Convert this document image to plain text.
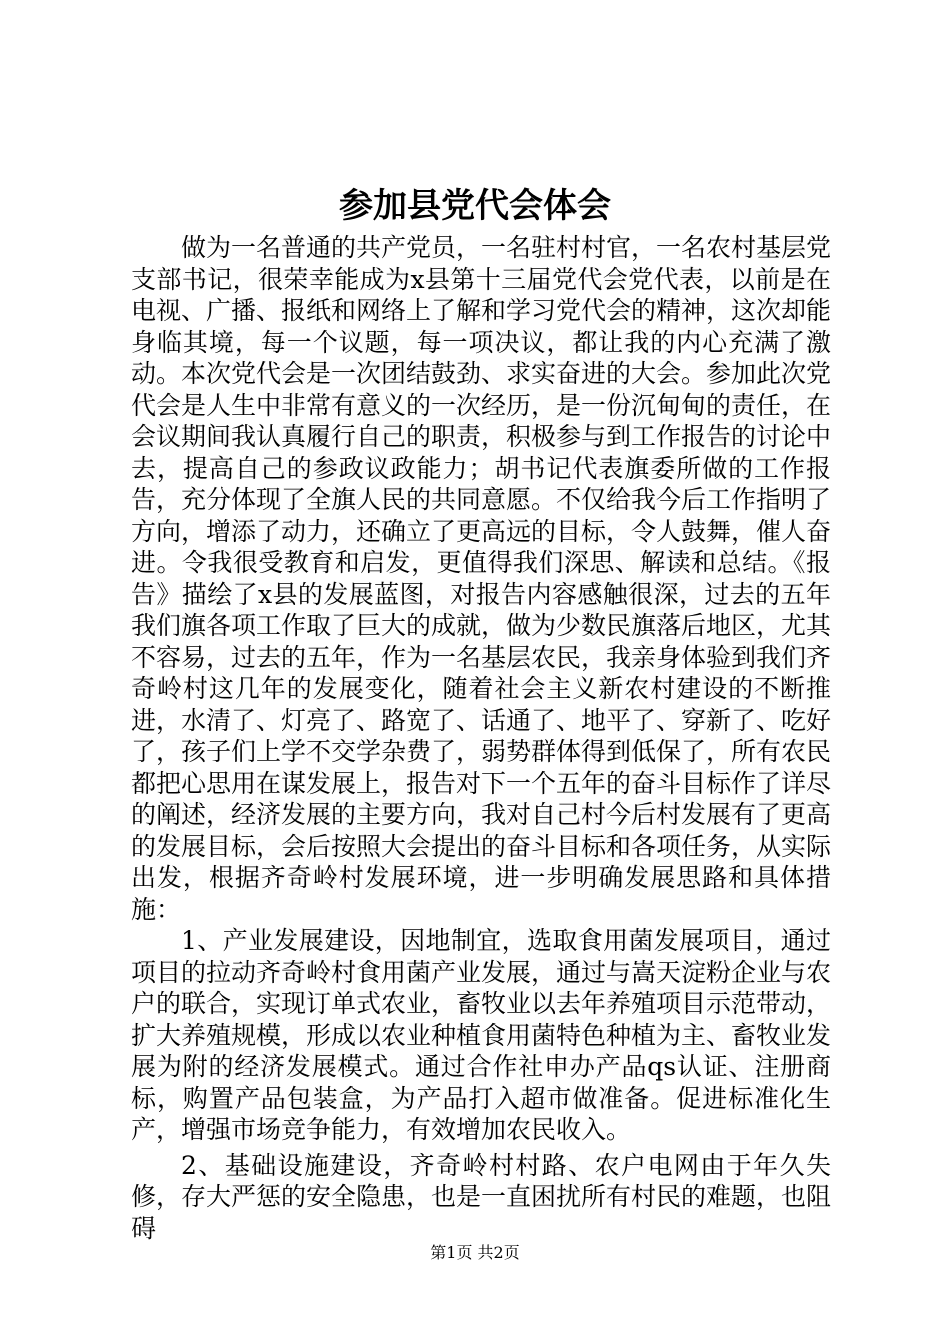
参加县党代会体会

做为一名普通的共产党员，一名驻村村官，一名农村基层党支部书记，很荣幸能成为x县第十三届党代会党代表，以前是在电视、广播、报纸和网络上了解和学习党代会的精神，这次却能身临其境，每一个议题，每一项决议，都让我的内心充满了激动。本次党代会是一次团结鼓劲、求实奋进的大会。参加此次党代会是人生中非常有意义的一次经历，是一份沉甸甸的责任，在会议期间我认真履行自己的职责，积极参与到工作报告的讨论中去，提高自己的参政议政能力；胡书记代表旗委所做的工作报告，充分体现了全旗人民的共同意愿。不仅给我今后工作指明了方向，增添了动力，还确立了更高远的目标，令人鼓舞，催人奋进。令我很受教育和启发，更值得我们深思、解读和总结。《报告》描绘了x县的发展蓝图，对报告内容感触很深，过去的五年我们旗各项工作取了巨大的成就，做为少数民旗落后地区，尤其不容易，过去的五年，作为一名基层农民，我亲身体验到我们齐奇岭村这几年的发展变化，随着社会主义新农村建设的不断推进，水清了、灯亮了、路宽了、话通了、地平了、穿新了、吃好了，孩子们上学不交学杂费了，弱势群体得到低保了，所有农民都把心思用在谋发展上，报告对下一个五年的奋斗目标作了详尽的阐述，经济发展的主要方向，我对自己村今后村发展有了更高的发展目标，会后按照大会提出的奋斗目标和各项任务，从实际出发，根据齐奇岭村发展环境，进一步明确发展思路和具体措施：

1、产业发展建设，因地制宜，选取食用菌发展项目，通过项目的拉动齐奇岭村食用菌产业发展，通过与嵩天淀粉企业与农户的联合，实现订单式农业，畜牧业以去年养殖项目示范带动，扩大养殖规模，形成以农业种植食用菌特色种植为主、畜牧业发展为附的经济发展模式。通过合作社申办产品qs认证、注册商标，购置产品包装盒，为产品打入超市做准备。促进标准化生产，增强市场竞争能力，有效增加农民收入。

2、基础设施建设，齐奇岭村村路、农户电网由于年久失修，存大严惩的安全隐患，也是一直困扰所有村民的难题，也阻碍

第1页 共2页
